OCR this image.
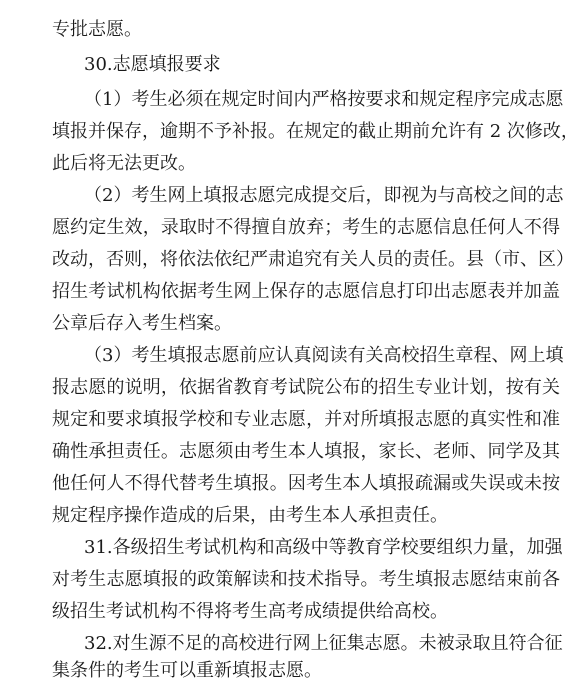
专批志愿。
30.志愿填报要求
（1）考生必须在规定时间内严格按要求和规定程序完成志愿
填报并保存，逾期不予补报。在规定的截止期前允许有 2 次修改，
此后将无法更改。
（2）考生网上填报志愿完成提交后，即视为与高校之间的志
愿约定生效，录取时不得擅自放弃；考生的志愿信息任何人不得
改动，否则，将依法依纪严肃追究有关人员的责任。县（市、区）
招生考试机构依据考生网上保存的志愿信息打印出志愿表并加盖
公章后存入考生档案。
（3）考生填报志愿前应认真阅读有关高校招生章程、网上填
报志愿的说明，依据省教育考试院公布的招生专业计划，按有关
规定和要求填报学校和专业志愿，并对所填报志愿的真实性和准
确性承担责任。志愿须由考生本人填报，家长、老师、同学及其
他任何人不得代替考生填报。因考生本人填报疏漏或失误或未按
规定程序操作造成的后果，由考生本人承担责任。
31.各级招生考试机构和高级中等教育学校要组织力量，加强
对考生志愿填报的政策解读和技术指导。考生填报志愿结束前各
级招生考试机构不得将考生高考成绩提供给高校。
32.对生源不足的高校进行网上征集志愿。未被录取且符合征
集条件的考生可以重新填报志愿。
